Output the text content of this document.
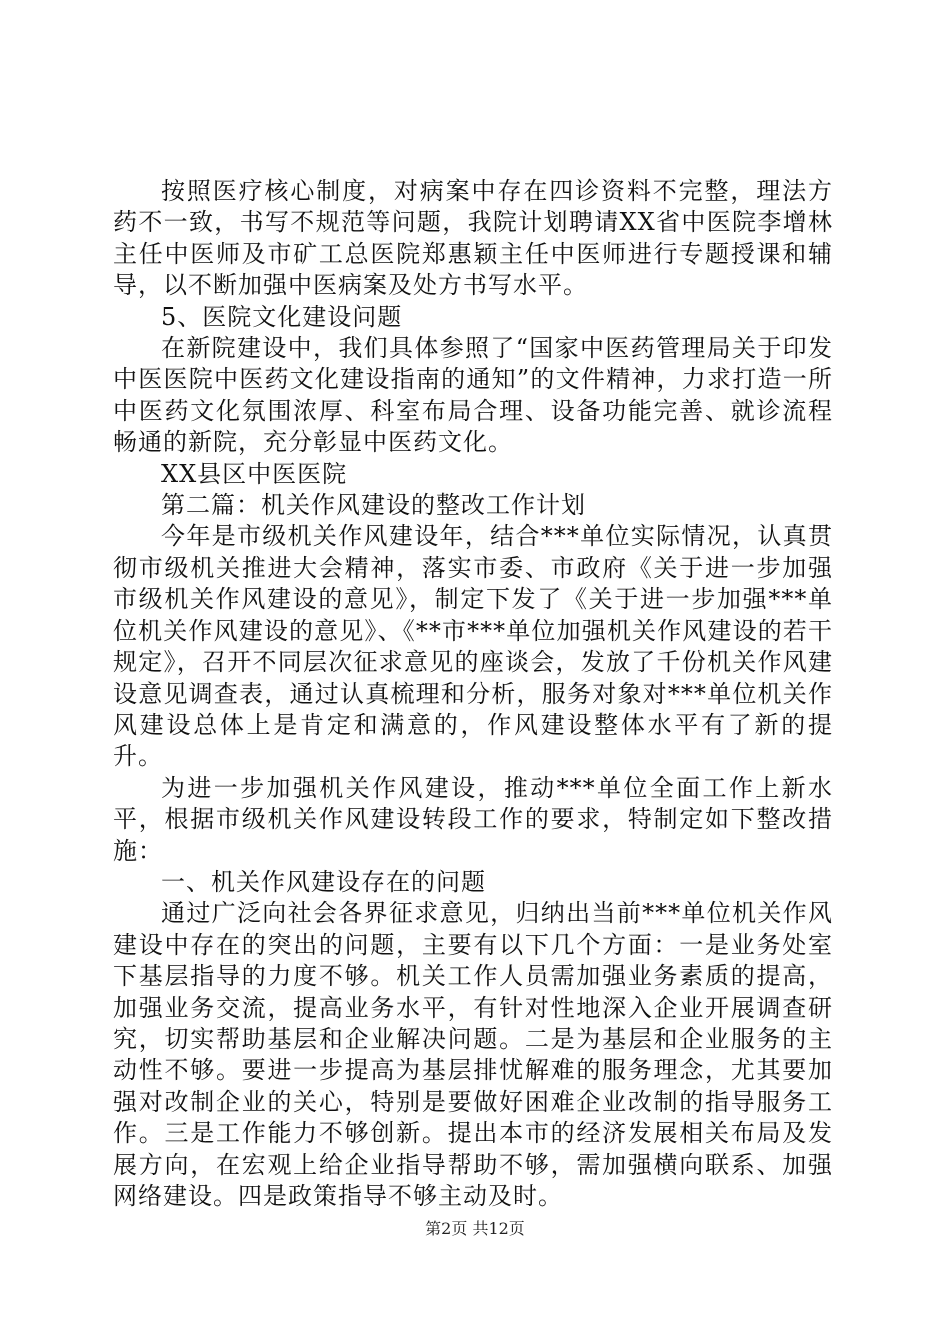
按照医疗核心制度，对病案中存在四诊资料不完整，理法方药不一致，书写不规范等问题，我院计划聘请XX省中医院李增林主任中医师及市矿工总医院郑惠颖主任中医师进行专题授课和辅导，以不断加强中医病案及处方书写水平。

5、医院文化建设问题

在新院建设中，我们具体参照了“国家中医药管理局关于印发中医医院中医药文化建设指南的通知”的文件精神，力求打造一所中医药文化氛围浓厚、科室布局合理、设备功能完善、就诊流程畅通的新院，充分彰显中医药文化。

XX县区中医医院

第二篇：机关作风建设的整改工作计划

今年是市级机关作风建设年，结合***单位实际情况，认真贯彻市级机关推进大会精神，落实市委、市政府《关于进一步加强市级机关作风建设的意见》，制定下发了《关于进一步加强***单位机关作风建设的意见》、《**市***单位加强机关作风建设的若干规定》，召开不同层次征求意见的座谈会，发放了千份机关作风建设意见调查表，通过认真梳理和分析，服务对象对***单位机关作风建设总体上是肯定和满意的，作风建设整体水平有了新的提升。

为进一步加强机关作风建设，推动***单位全面工作上新水平，根据市级机关作风建设转段工作的要求，特制定如下整改措施：

一、机关作风建设存在的问题

通过广泛向社会各界征求意见，归纳出当前***单位机关作风建设中存在的突出的问题，主要有以下几个方面：一是业务处室下基层指导的力度不够。机关工作人员需加强业务素质的提高，加强业务交流，提高业务水平，有针对性地深入企业开展调查研究，切实帮助基层和企业解决问题。二是为基层和企业服务的主动性不够。要进一步提高为基层排忧解难的服务理念，尤其要加强对改制企业的关心，特别是要做好困难企业改制的指导服务工作。三是工作能力不够创新。提出本市的经济发展相关布局及发展方向，在宏观上给企业指导帮助不够，需加强横向联系、加强网络建设。四是政策指导不够主动及时。

第2页 共12页
